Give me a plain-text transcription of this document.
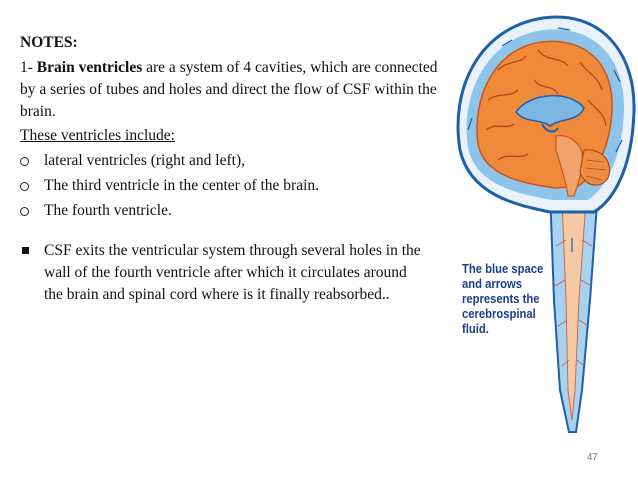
NOTES:

1- Brain ventricles are a system of 4 cavities, which are connected by a series of tubes and holes and direct the flow of CSF within the brain.

These ventricles include:

lateral ventricles (right and left),

The third ventricle in the center of the brain.

The fourth ventricle.

CSF exits the ventricular system through several holes in the wall of the fourth ventricle after which it circulates around the brain and spinal cord where is it finally reabsorbed..

The blue space
and arrows
represents the
cerebrospinal
fluid.
47
